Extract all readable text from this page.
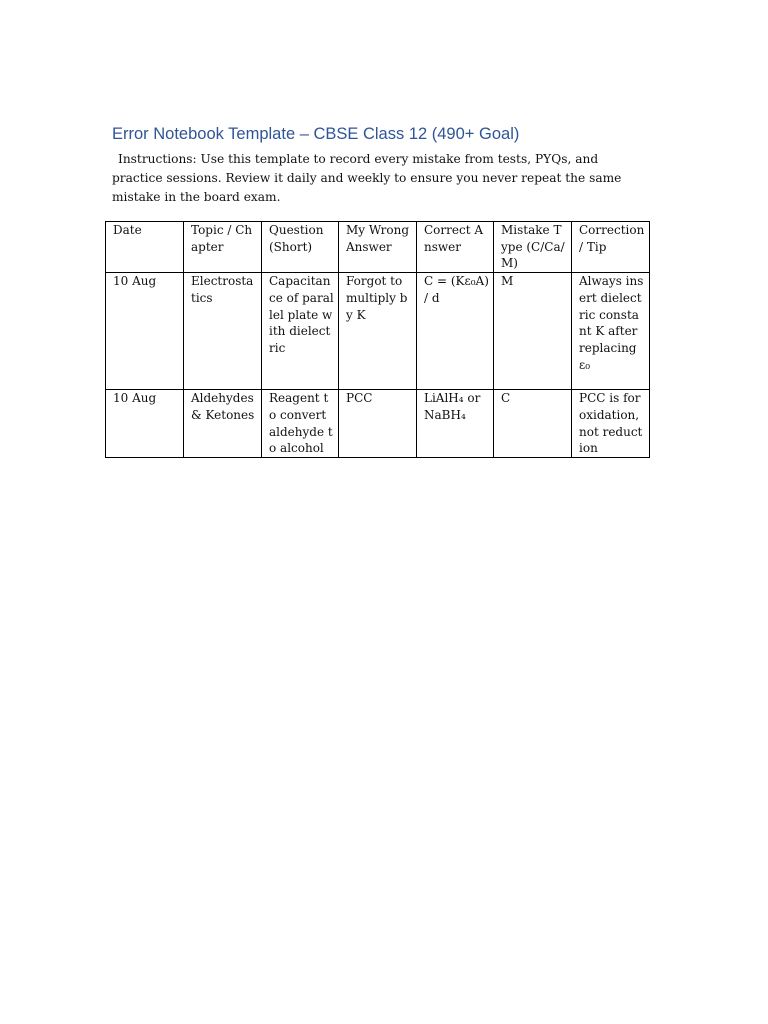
Error Notebook Template – CBSE Class 12 (490+ Goal)
Instructions: Use this template to record every mistake from tests, PYQs, and practice sessions. Review it daily and weekly to ensure you never repeat the same mistake in the board exam.
Date	Topic / Chapter	Question (Short)	My Wrong Answer	Correct Answer	Mistake Type (C/Ca/M)	Correction / Tip
10 Aug	Electrostatics	Capacitance of parallel plate with dielectric	Forgot to multiply by K	C = (Kε₀A) / d	M	Always insert dielectric constant K after replacing ε₀
10 Aug	Aldehydes & Ketones	Reagent to convert aldehyde to alcohol	PCC	LiAlH₄ or NaBH₄	C	PCC is for oxidation, not reduction
